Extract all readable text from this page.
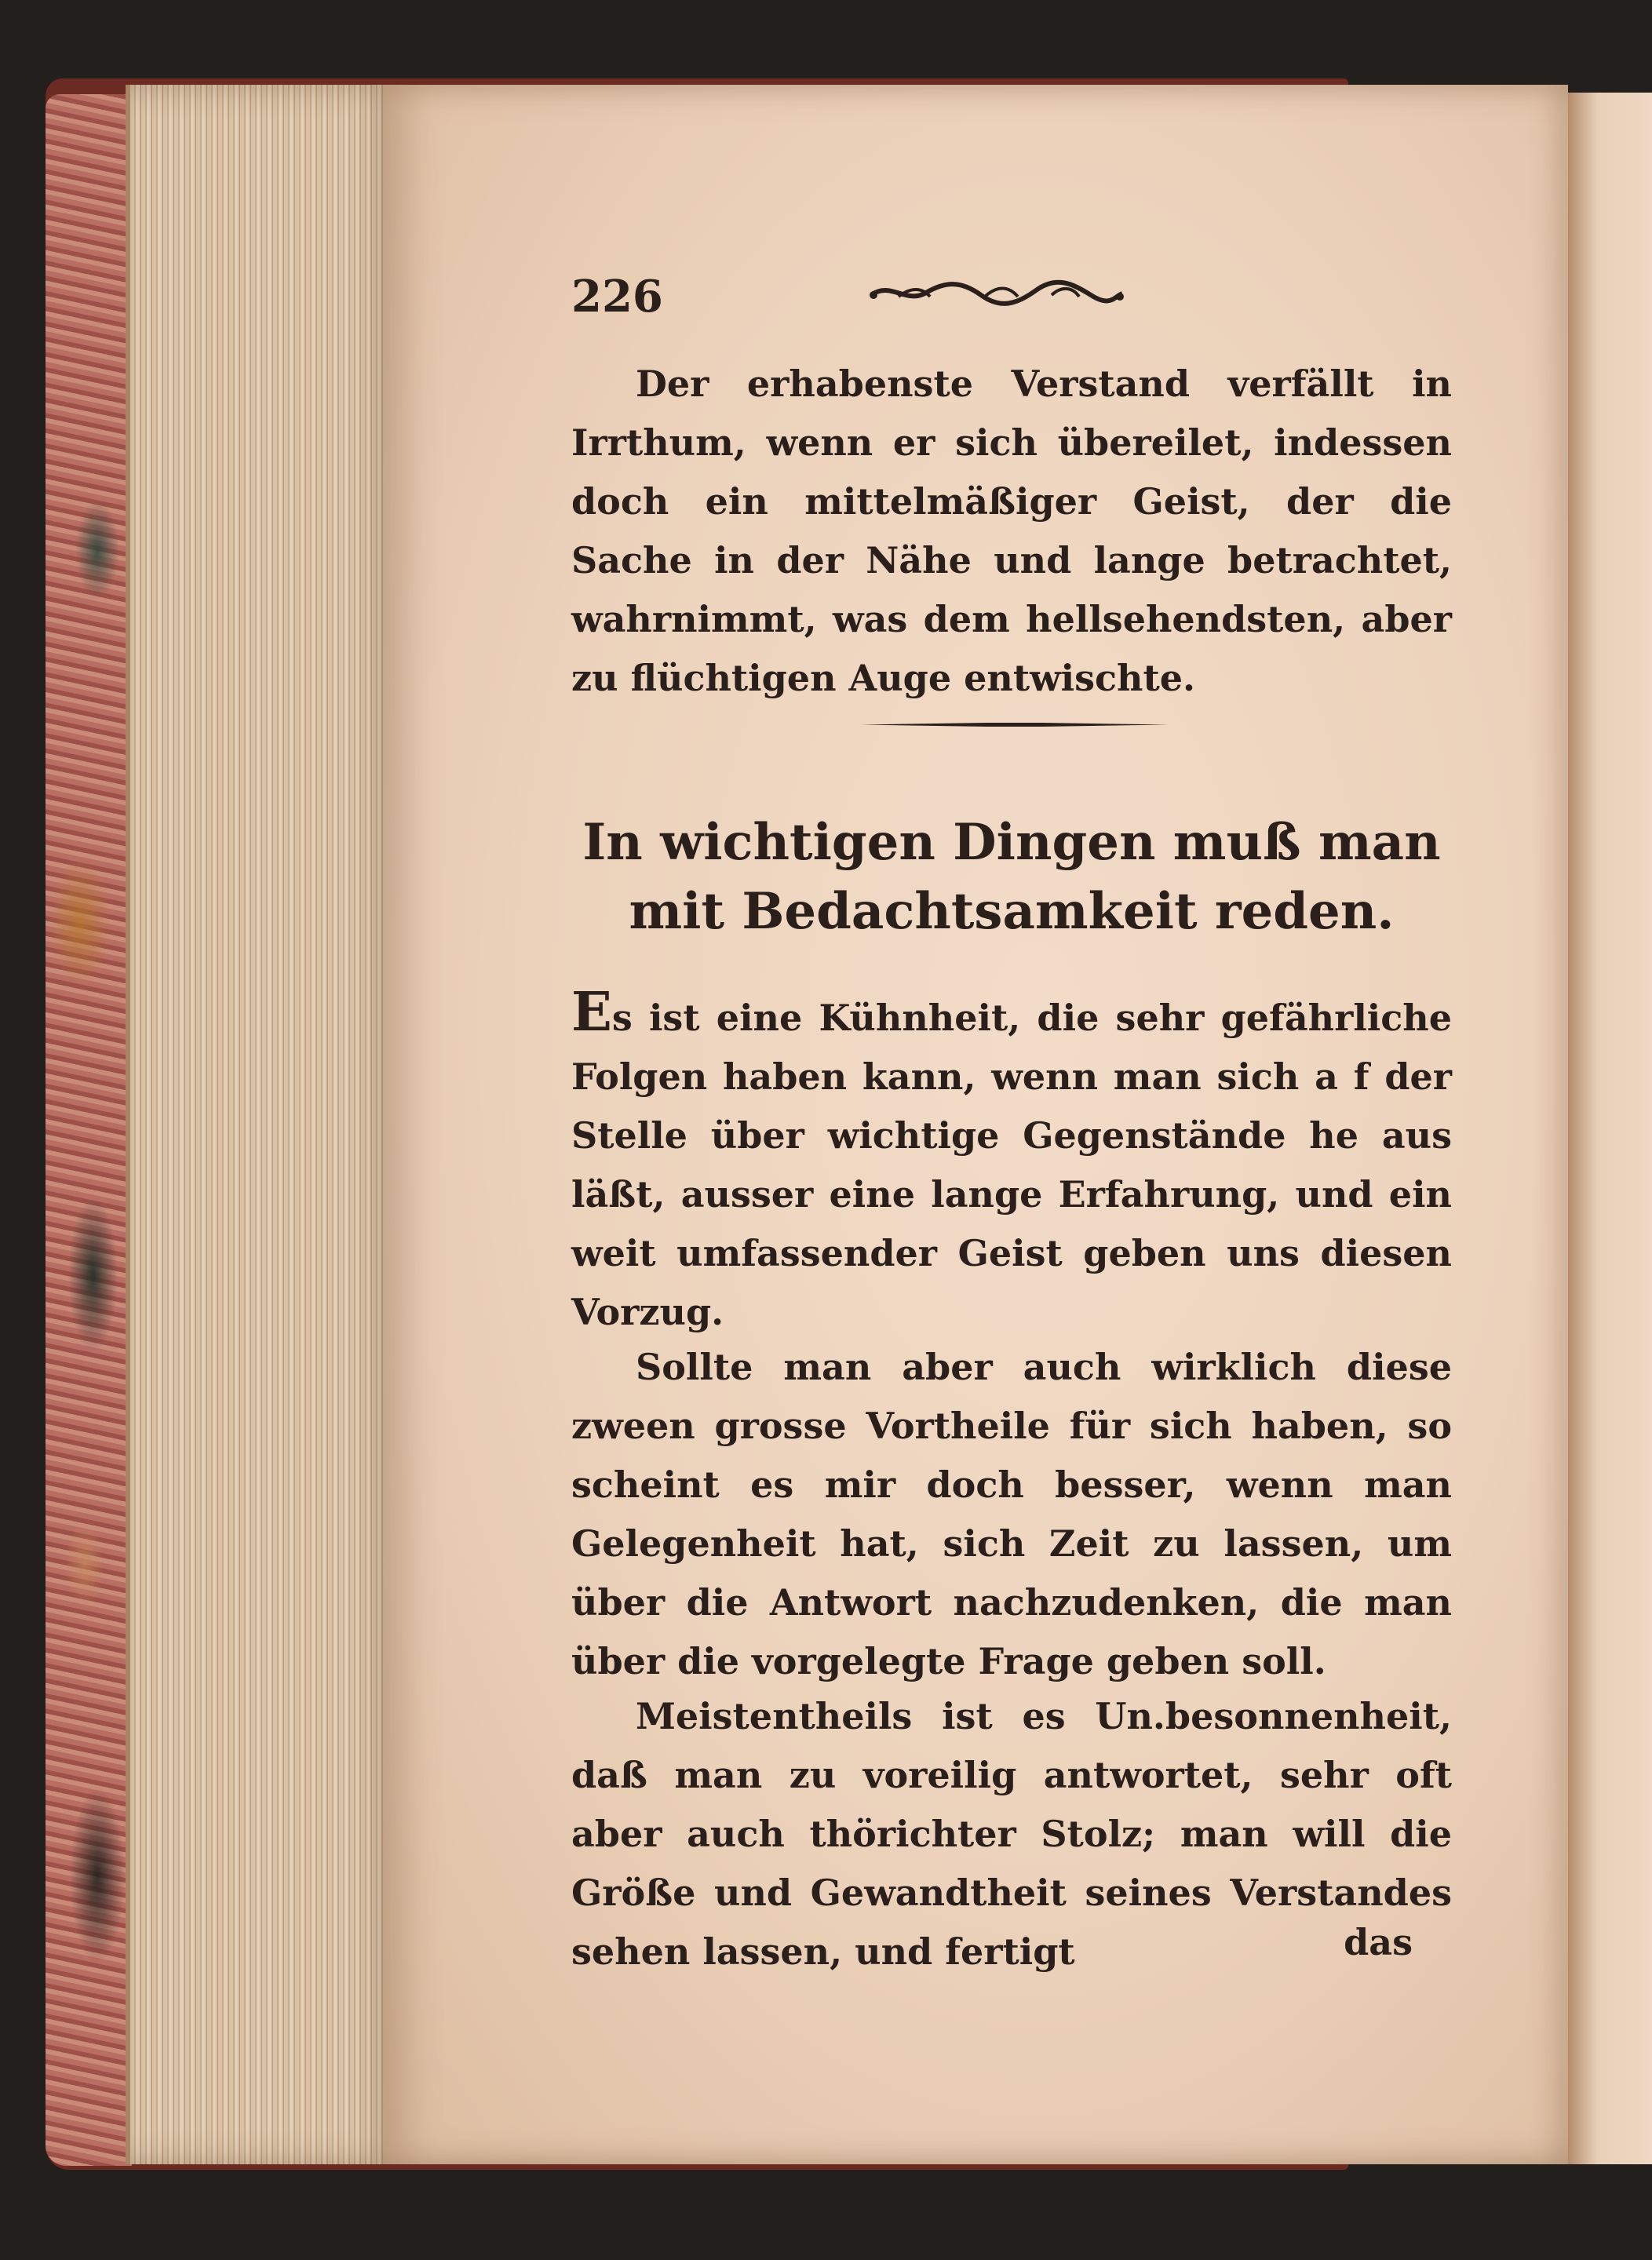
226

Der erhabenste Verstand verfällt in Irrthum, wenn er sich übereilet, indessen doch ein mittelmäßiger Geist, der die Sache in der Nähe und lange betrachtet, wahrnimmt, was dem hellsehendsten, aber zu flüchtigen Auge entwischte.

In wichtigen Dingen muß man mit Bedachtsamkeit reden.

Es ist eine Kühnheit, die sehr gefährliche Folgen haben kann, wenn man sich a f der Stelle über wichtige Gegenstände he aus läßt, ausser eine lange Erfahrung, und ein weit umfassender Geist geben uns diesen Vorzug.

Sollte man aber auch wirklich diese zween grosse Vortheile für sich haben, so scheint es mir doch besser, wenn man Gelegenheit hat, sich Zeit zu lassen, um über die Antwort nachzudenken, die man über die vorgelegte Frage geben soll.

Meistentheils ist es Un.besonnenheit, daß man zu voreilig antwortet, sehr oft aber auch thörichter Stolz; man will die Größe und Gewandtheit seines Verstandes sehen lassen, und fertigt	das
